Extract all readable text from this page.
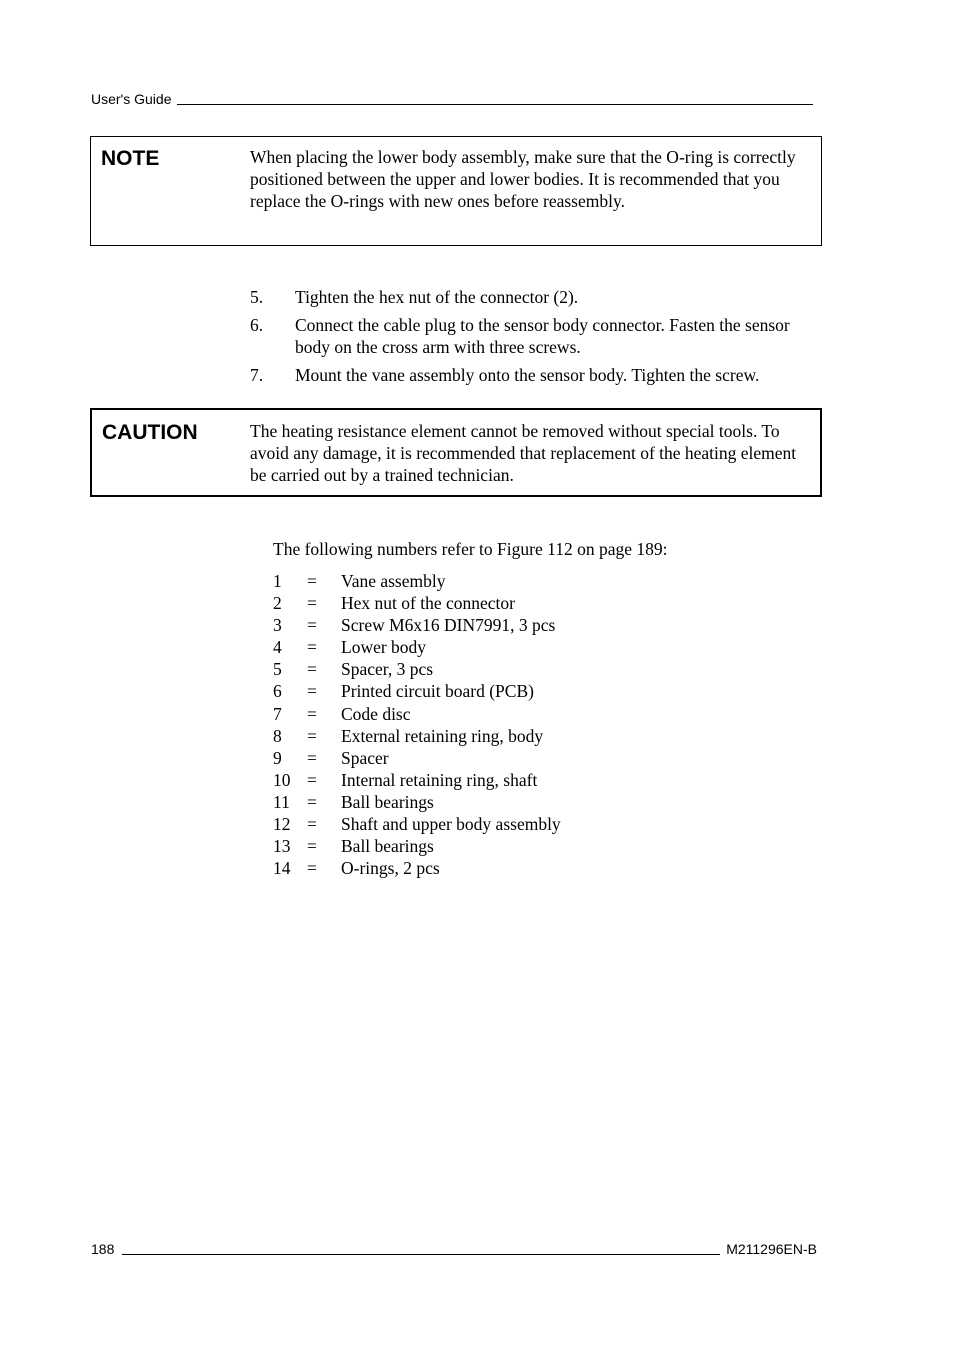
User's Guide
NOTE	When placing the lower body assembly, make sure that the O-ring is correctly positioned between the upper and lower bodies. It is recommended that you replace the O-rings with new ones before reassembly.
5.	Tighten the hex nut of the connector (2).
6.	Connect the cable plug to the sensor body connector. Fasten the sensor body on the cross arm with three screws.
7.	Mount the vane assembly onto the sensor body. Tighten the screw.
CAUTION	The heating resistance element cannot be removed without special tools. To avoid any damage, it is recommended that replacement of the heating element be carried out by a trained technician.
The following numbers refer to Figure 112 on page 189:
1	=	Vane assembly
2	=	Hex nut of the connector
3	=	Screw M6x16 DIN7991, 3 pcs
4	=	Lower body
5	=	Spacer, 3 pcs
6	=	Printed circuit board (PCB)
7	=	Code disc
8	=	External retaining ring, body
9	=	Spacer
10 =	Internal retaining ring, shaft
11 =	Ball bearings
12 =	Shaft and upper body assembly
13 =	Ball bearings
14 =	O-rings, 2 pcs
188	M211296EN-B
